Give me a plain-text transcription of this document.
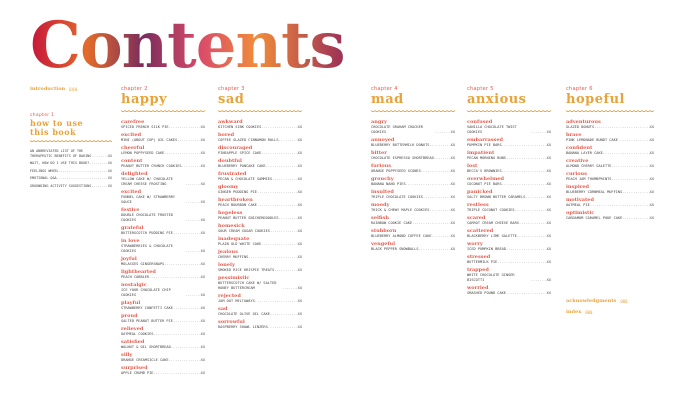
Contents
introduction 000
chapter 1
how to use
this book
AN ABBREVIATED LIST OF THE THERAPEUTIC BENEFITS OF BAKING .....	XX
WAIT, HOW DO I USE THIS BOOK? .....	XX
FEELINGS WHEEL .....	XX
EMOTIONAL Q&A .....	XX
GROUNDING ACTIVITY SUGGESTIONS .....	XX
chapter 2
happy
carefree
SPICED FRENCH SILK PIE .....	XX
excited
MINI (ABOUT CUP) OIL CAKES .....	XX
cheerful
LEMON POPPYSEED CAKE .....	XX
content
PEANUT BUTTER CRUNCH COOKIES .....	XX
delighted
YELLOW CAKE W/ CHOCOLATE CREAM CHEESE FROSTING .....	XX
excited
FUNNEL CAKE W/ STRAWBERRY SAUCE .....	XX
festive
DOUBLE CHOCOLATE FROSTED COOKIES .....	XX
grateful
BUTTERSCOTCH PUDDING PIE .....	XX
in love
STRAWBERRIES & CHOCOLATE COOKIES .....	XX
joyful
MOLASSES GINGERSNAPS .....	XX
lighthearted
PEACH COBBLER .....	XX
nostalgic
ICE YOUR CHOCOLATE CHIP COOKIES .....	XX
playful
STRAWBERRY CONFETTI CAKE .....	XX
proud
SALTED PEANUT BUTTER PIE .....	XX
relieved
OATMEAL COOKIES .....	XX
satisfied
WALNUT & OIL SHORTBREAD .....	XX
silly
ORANGE CREAMSICLE CAKE .....	XX
surprised
APPLE CRUMB PIE .....	XX
chapter 3
sad
awkward
KITCHEN SINK COOKIES .....	XX
bored
COFFEE GLAZED CINNAMON ROLLS .....	XX
discouraged
PINEAPPLE SPICE CAKE .....	XX
doubtful
BLUEBERRY PANCAKE CAKE .....	XX
frustrated
PECAN & CHOCOLATE SAMMIES .....	XX
gloomy
GINGER PUDDING PIE .....	XX
heartbroken
PEACH BOURBON CAKE .....	XX
hopeless
PEANUT BUTTER SNICKERDOODLES .....	XX
homesick
SOUR CREAM SUGAR COOKIES .....	XX
inadequate
PLAIN OLD WHITE CAKE .....	XX
jealous
CHERRY MUFFINS .....	XX
lonely
SMOKED RICE KRISPIE TREATS .....	XX
pessimistic
BUTTERSCOTCH CAKE W/ SALTED HONEY BUTTERCREAM .....	XX
rejected
JAM DOT MELTAWAYS .....	XX
sad
CHOCOLATE OLIVE OIL CAKE .....	XX
sorrowful
RASPBERRY SHAWL LINZERS .....	XX
chapter 4
mad
angry
CHOCOLATE GRAHAM CRACKER COOKIES .....	XX
annoyed
BLUEBERRY BUTTERMILK DONUTS .....	XX
bitter
CHOCOLATE ESPRESSO SHORTBREAD .....	XX
furious
ORANGE POPPYSEED SCONES .....	XX
grouchy
BANANA NANO PIES .....	XX
insulted
TRIPLE CHOCOLATE COOKIES .....	XX
moody
THICK & CHEWY MAPLE COOKIES .....	XX
selfish
RAINBOW COOKIE CAKE .....	XX
stubborn
BLUEBERRY ALMOND COFFEE CAKE .....	XX
vengeful
BLACK PEPPER SNOWBALLS .....	XX
chapter 5
anxious
confused
VANILLA CHOCOLATE TWIST COOKIES .....	XX
embarrassed
PUMPKIN PIE BARS .....	XX
impatient
PECAN MORNING BUNS .....	XX
lost
BECCA'S BROWNIES .....	XX
overwhelmed
COCONUT PIE BARS .....	XX
panicked
SALTY BROWN BUTTER CARAMELS .....	XX
restless
TRIPLE COCONUT COOKIES .....	XX
scared
CARROT CREAM CHEESE BARS .....	XX
scattered
BLACKBERRY LIME GALETTE .....	XX
worry
ICED PUMPKIN BREAD .....	XX
stressed
BUTTERMILK PIE .....	XX
trapped
WHITE CHOCOLATE GINGER BISCOTTI .....	XX
worried
SMASHED POUND CAKE .....	XX
chapter 6
hopeful
adventurous
GLAZED DONUTS .....	XX
brave
PINK LEMONADE BUNDT CAKE .....	XX
confident
BANANA LAYER CAKE .....	XX
creative
ALMOND CHERRY GALETTE .....	XX
curious
PEACH JAM THUMBPRINTS .....	XX
inspired
BLUEBERRY CORNMEAL MUFFINS .....	XX
motivated
OATMEAL PIE .....	XX
optimistic
CARDAMOM CARAMEL POKE CAKE .....	XX
acknowledgments 000
index 000
